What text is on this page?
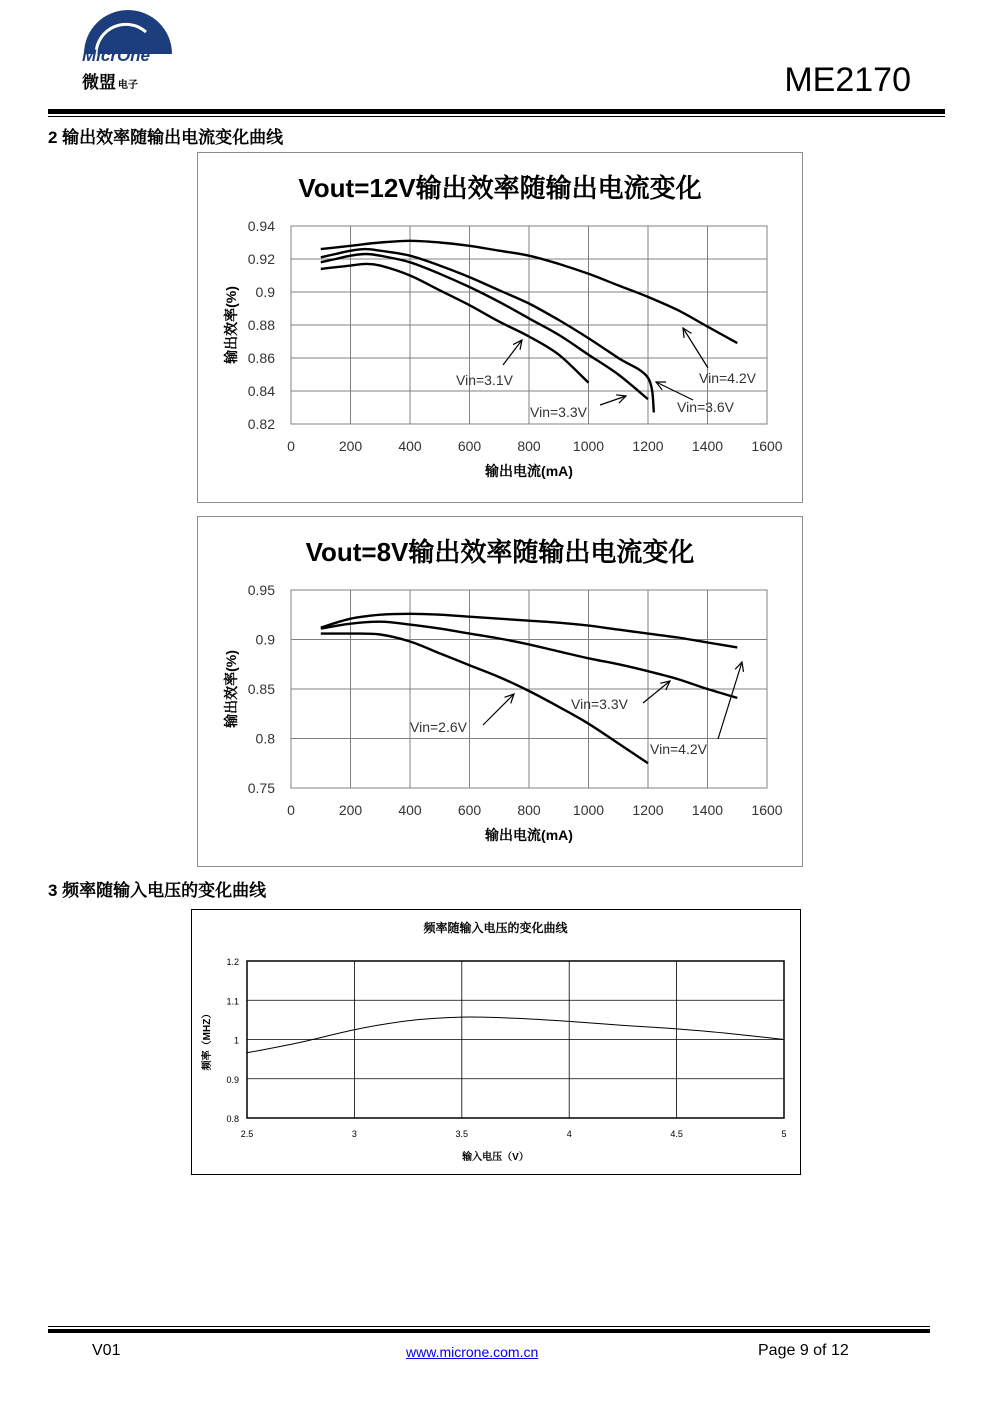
MicrOne
微盟 电子	ME2170
2 输出效率随输出电流变化曲线
Vout=12V输出效率随输出电流变化
0	200	400	600	800 1000 1200 1400 1600
0.82
0.84
0.86
0.88
0.9
0.92
0.94
输出电流(mA)
输出效率(%)
Vin=3.1V
Vin=3.3V
Vin=4.2V
Vin=3.6V
Vout=8V输出效率随输出电流变化
0	200	400	600	800 1000 1200 1400 1600
0.75
0.8
0.85
0.9
0.95
输出电流(mA)
输出效率(%)	Vin=2.6V
Vin=3.3V
Vin=4.2V
3 频率随输入电压的变化曲线
频率随输入电压的变化曲线
2.5	3	3.5	4	4.5	5
0.8
0.9
1
1.1
1.2
输入电压（V）
频率（MHZ）
V01	www.microne.com.cn	Page 9 of 12
